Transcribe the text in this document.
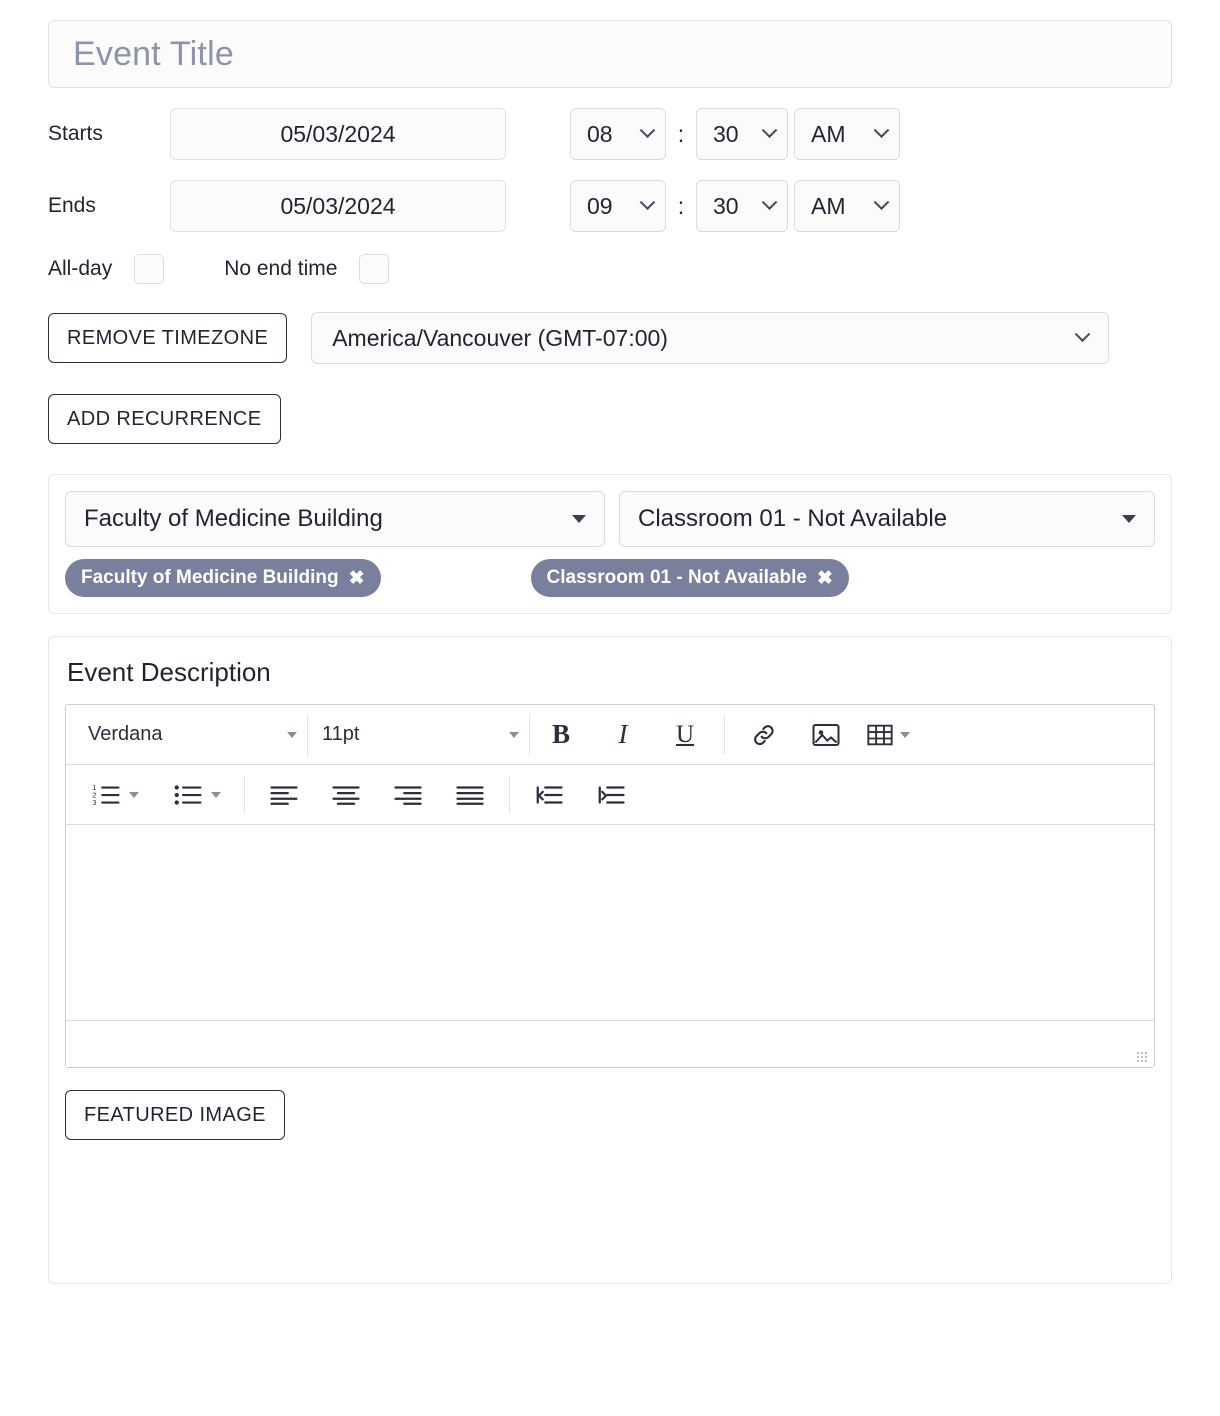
Event Title
Starts	05/03/2024	08	:	30	AM
Ends	05/03/2024	09	:	30	AM
All-day	No end time
REMOVE TIMEZONE	America/Vancouver (GMT-07:00)
ADD RECURRENCE
Faculty of Medicine Building	Classroom 01 - Not Available
Faculty of Medicine Building ✖	Classroom 01 - Not Available ✖
Event Description
Verdana	11pt	B	I	U
1
2
3
FEATURED IMAGE
